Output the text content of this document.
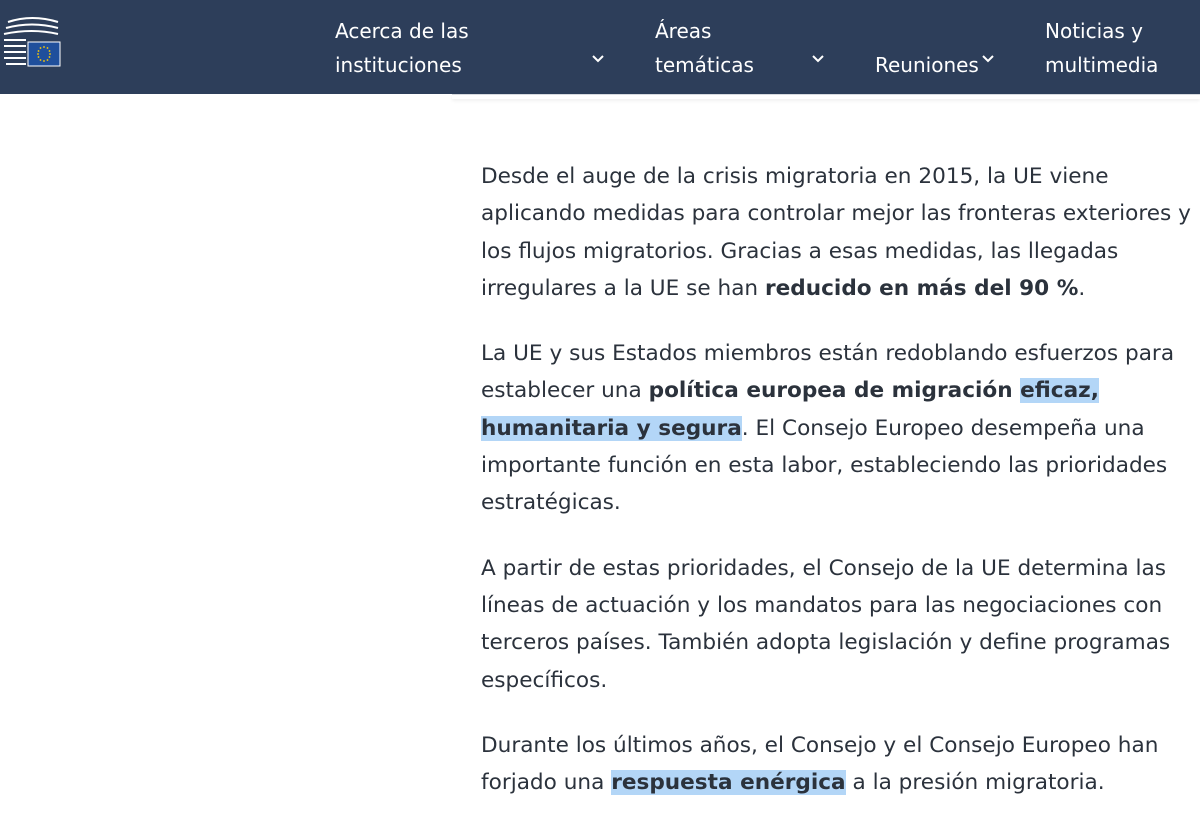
Acerca de las
instituciones
Áreas
temáticas	Reuniones
Noticias y
multimedia

Desde el auge de la crisis migratoria en 2015, la UE viene
aplicando medidas para controlar mejor las fronteras exteriores y
los flujos migratorios. Gracias a esas medidas, las llegadas
irregulares a la UE se han reducido en más del 90 %.

La UE y sus Estados miembros están redoblando esfuerzos para
establecer una política europea de migración eficaz,
humanitaria y segura. El Consejo Europeo desempeña una
importante función en esta labor, estableciendo las prioridades
estratégicas.

A partir de estas prioridades, el Consejo de la UE determina las
líneas de actuación y los mandatos para las negociaciones con
terceros países. También adopta legislación y define programas
específicos.

Durante los últimos años, el Consejo y el Consejo Europeo han
forjado una respuesta enérgica a la presión migratoria.
